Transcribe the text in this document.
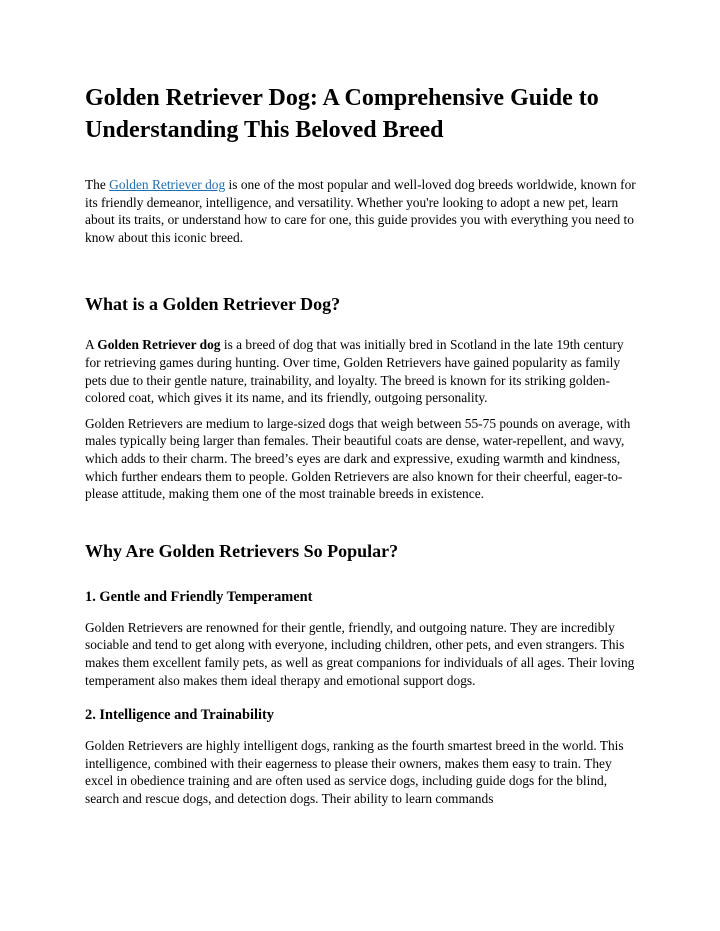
Golden Retriever Dog: A Comprehensive Guide to Understanding This Beloved Breed

The Golden Retriever dog is one of the most popular and well-loved dog breeds worldwide, known for its friendly demeanor, intelligence, and versatility. Whether you're looking to adopt a new pet, learn about its traits, or understand how to care for one, this guide provides you with everything you need to know about this iconic breed.

What is a Golden Retriever Dog?

A Golden Retriever dog is a breed of dog that was initially bred in Scotland in the late 19th century for retrieving games during hunting. Over time, Golden Retrievers have gained popularity as family pets due to their gentle nature, trainability, and loyalty. The breed is known for its striking golden-colored coat, which gives it its name, and its friendly, outgoing personality.

Golden Retrievers are medium to large-sized dogs that weigh between 55-75 pounds on average, with males typically being larger than females. Their beautiful coats are dense, water-repellent, and wavy, which adds to their charm. The breed’s eyes are dark and expressive, exuding warmth and kindness, which further endears them to people. Golden Retrievers are also known for their cheerful, eager-to-please attitude, making them one of the most trainable breeds in existence.

Why Are Golden Retrievers So Popular?
1. Gentle and Friendly Temperament

Golden Retrievers are renowned for their gentle, friendly, and outgoing nature. They are incredibly sociable and tend to get along with everyone, including children, other pets, and even strangers. This makes them excellent family pets, as well as great companions for individuals of all ages. Their loving temperament also makes them ideal therapy and emotional support dogs.

2. Intelligence and Trainability

Golden Retrievers are highly intelligent dogs, ranking as the fourth smartest breed in the world. This intelligence, combined with their eagerness to please their owners, makes them easy to train. They excel in obedience training and are often used as service dogs, including guide dogs for the blind, search and rescue dogs, and detection dogs. Their ability to learn commands
